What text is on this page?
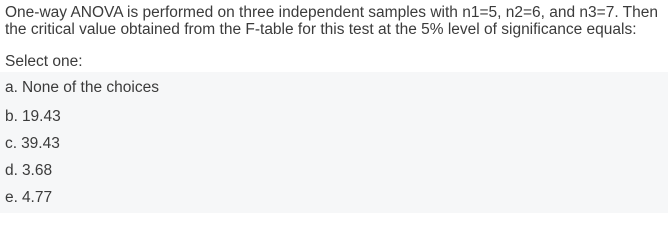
One-way ANOVA is performed on three independent samples with n1=5, n2=6, and n3=7. Then
the critical value obtained from the F-table for this test at the 5% level of significance equals:
Select one:
a. None of the choices
b. 19.43
c. 39.43
d. 3.68
e. 4.77
